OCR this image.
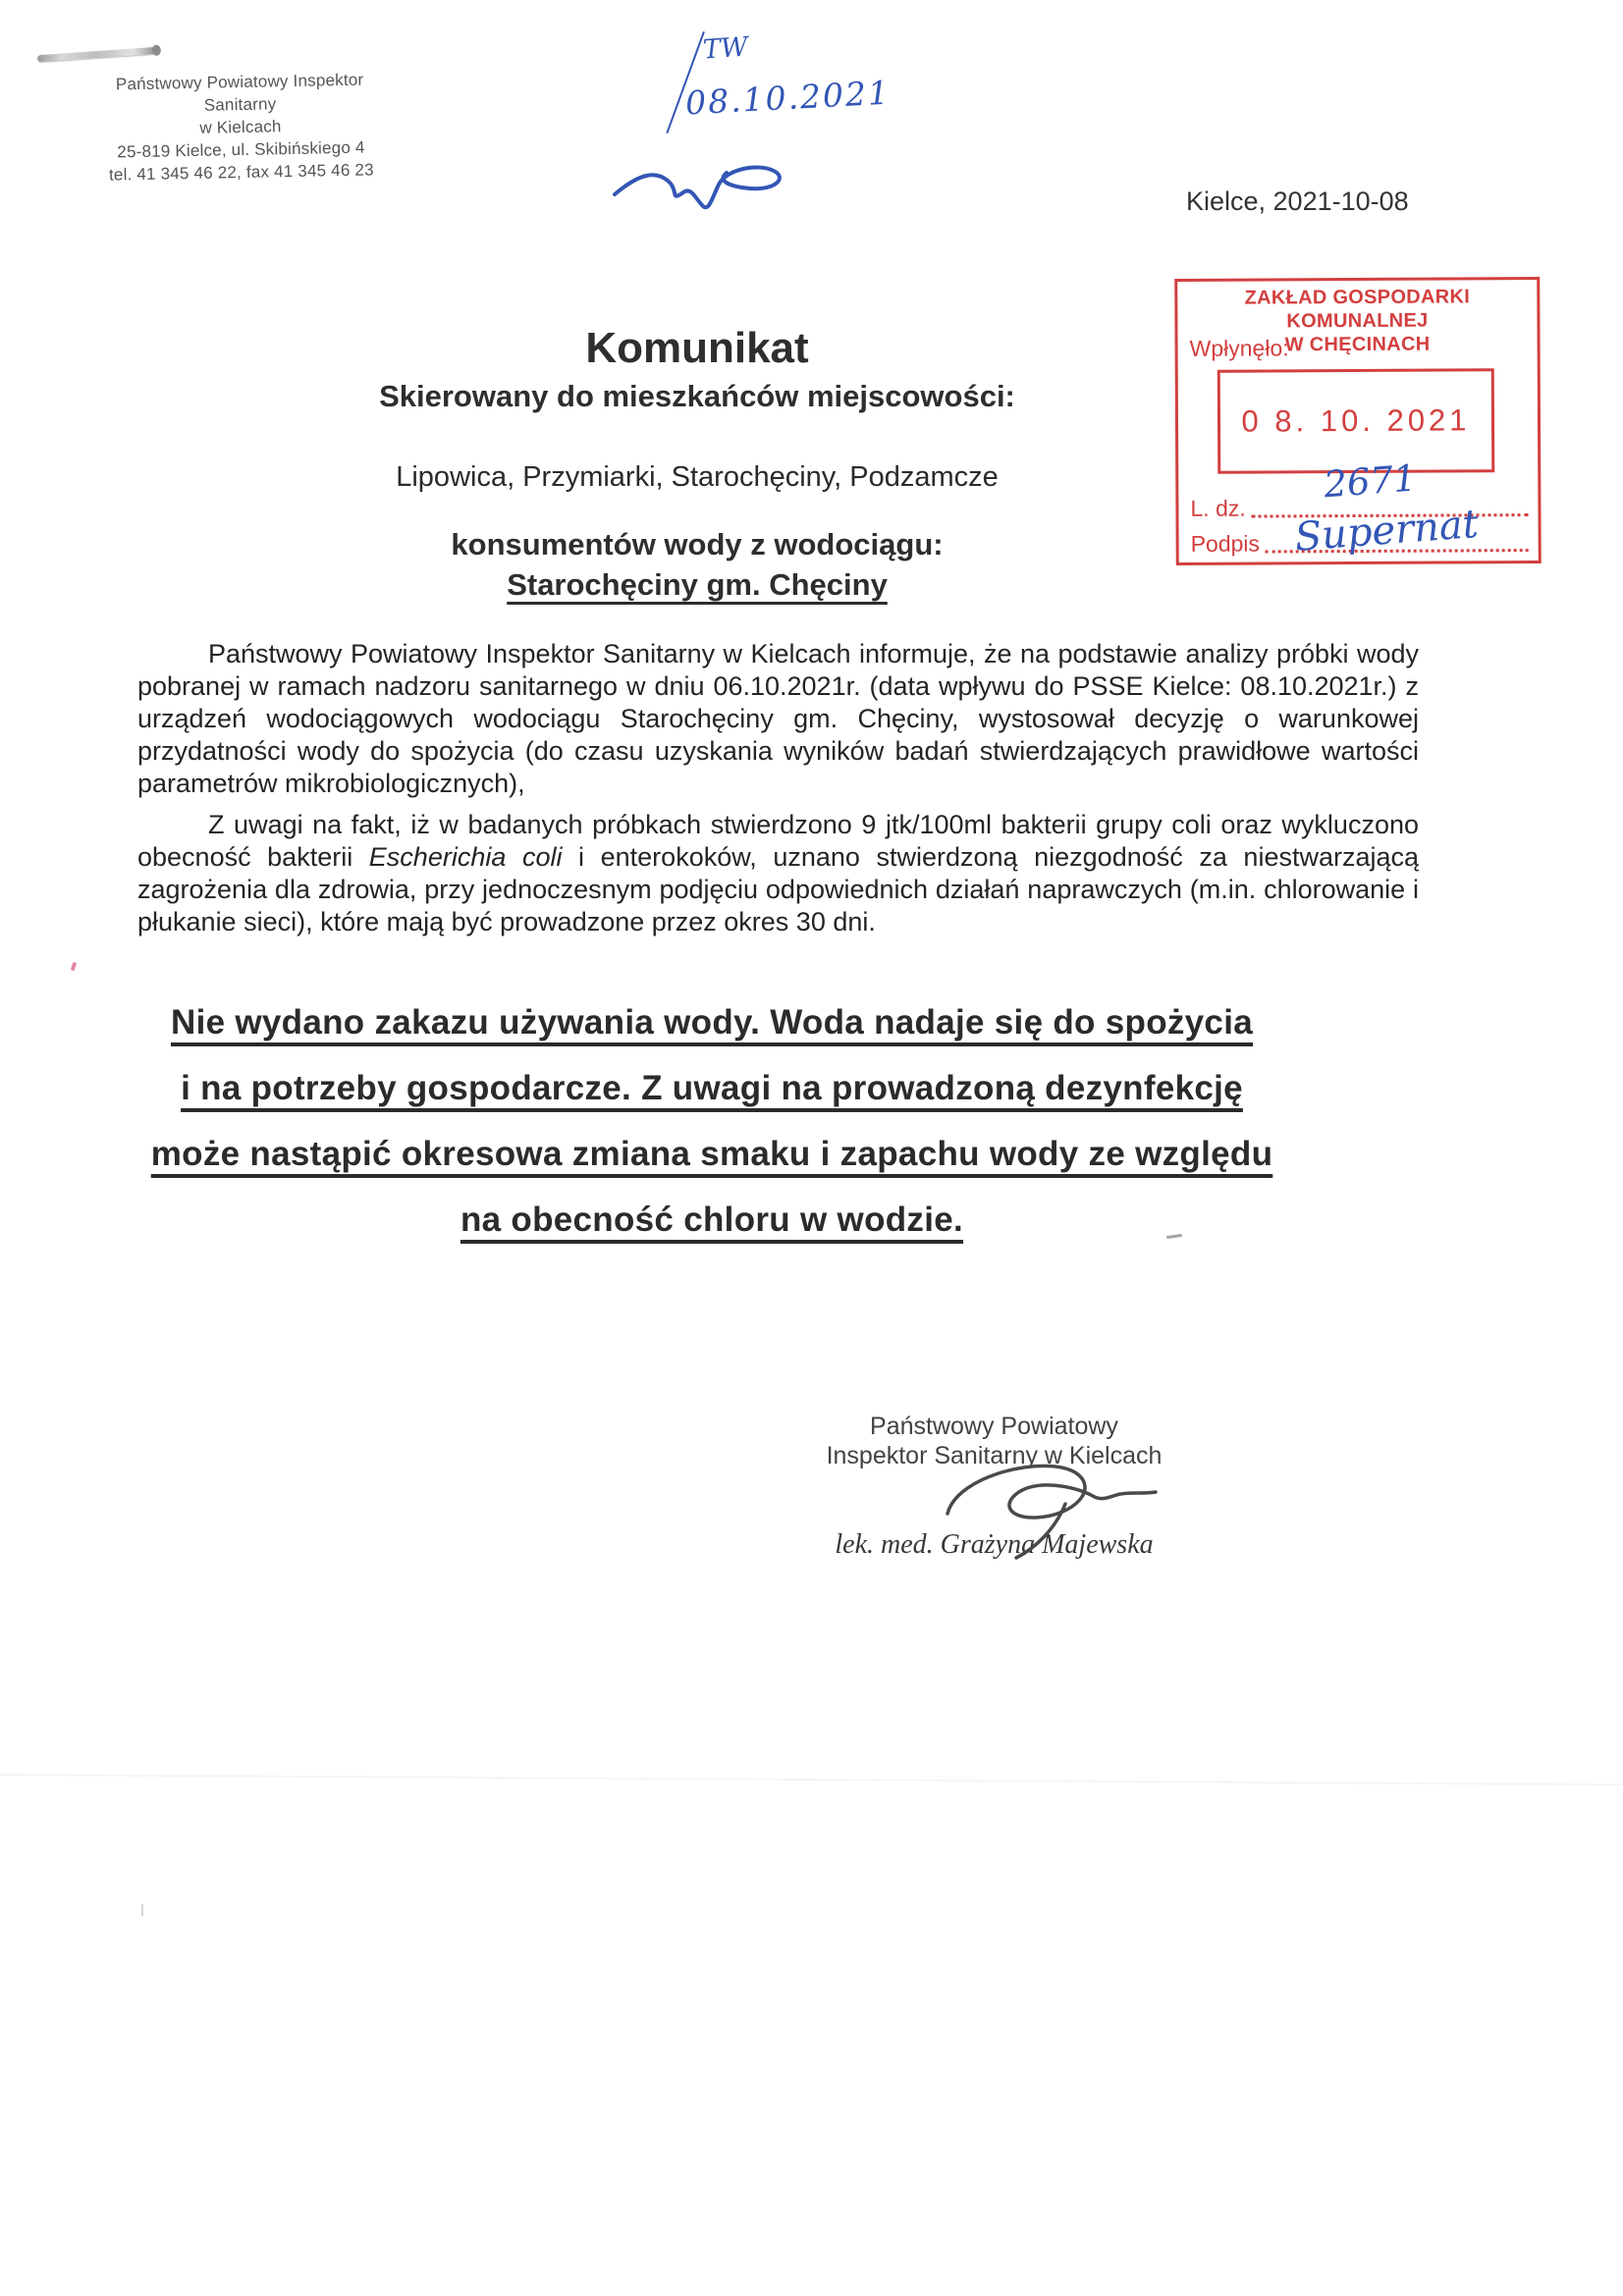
Państwowy Powiatowy Inspektor Sanitarny
w Kielcach
25-819 Kielce, ul. Skibińskiego 4
tel. 41 345 46 22, fax 41 345 46 23
TW
08.10.2021
Kielce, 2021-10-08
ZAKŁAD GOSPODARKI KOMUNALNEJ
W CHĘCINACH
Wpłynęło:
0 8. 10. 2021
L. dz.
Podpis
2671
Supernat
Komunikat
Skierowany do mieszkańców miejscowości:
Lipowica, Przymiarki, Starochęciny, Podzamcze
konsumentów wody z wodociągu:
Starochęciny gm. Chęciny
Państwowy Powiatowy Inspektor Sanitarny w Kielcach informuje, że na podstawie analizy próbki wody pobranej w ramach nadzoru sanitarnego w dniu 06.10.2021r. (data wpływu do PSSE Kielce: 08.10.2021r.) z urządzeń wodociągowych wodociągu Starochęciny gm. Chęciny, wystosował decyzję o warunkowej przydatności wody do spożycia (do czasu uzyskania wyników badań stwierdzających prawidłowe wartości parametrów mikrobiologicznych),
Z uwagi na fakt, iż w badanych próbkach stwierdzono 9 jtk/100ml bakterii grupy coli oraz wykluczono obecność bakterii Escherichia coli i enterokoków, uznano stwierdzoną niezgodność za niestwarzającą zagrożenia dla zdrowia, przy jednoczesnym podjęciu odpowiednich działań naprawczych (m.in. chlorowanie i płukanie sieci), które mają być prowadzone przez okres 30 dni.
Nie wydano zakazu używania wody. Woda nadaje się do spożycia
i na potrzeby gospodarcze. Z uwagi na prowadzoną dezynfekcję
może nastąpić okresowa zmiana smaku i zapachu wody ze względu
na obecność chloru w wodzie.
Państwowy Powiatowy
Inspektor Sanitarny w Kielcach
lek. med. Grażyna Majewska
